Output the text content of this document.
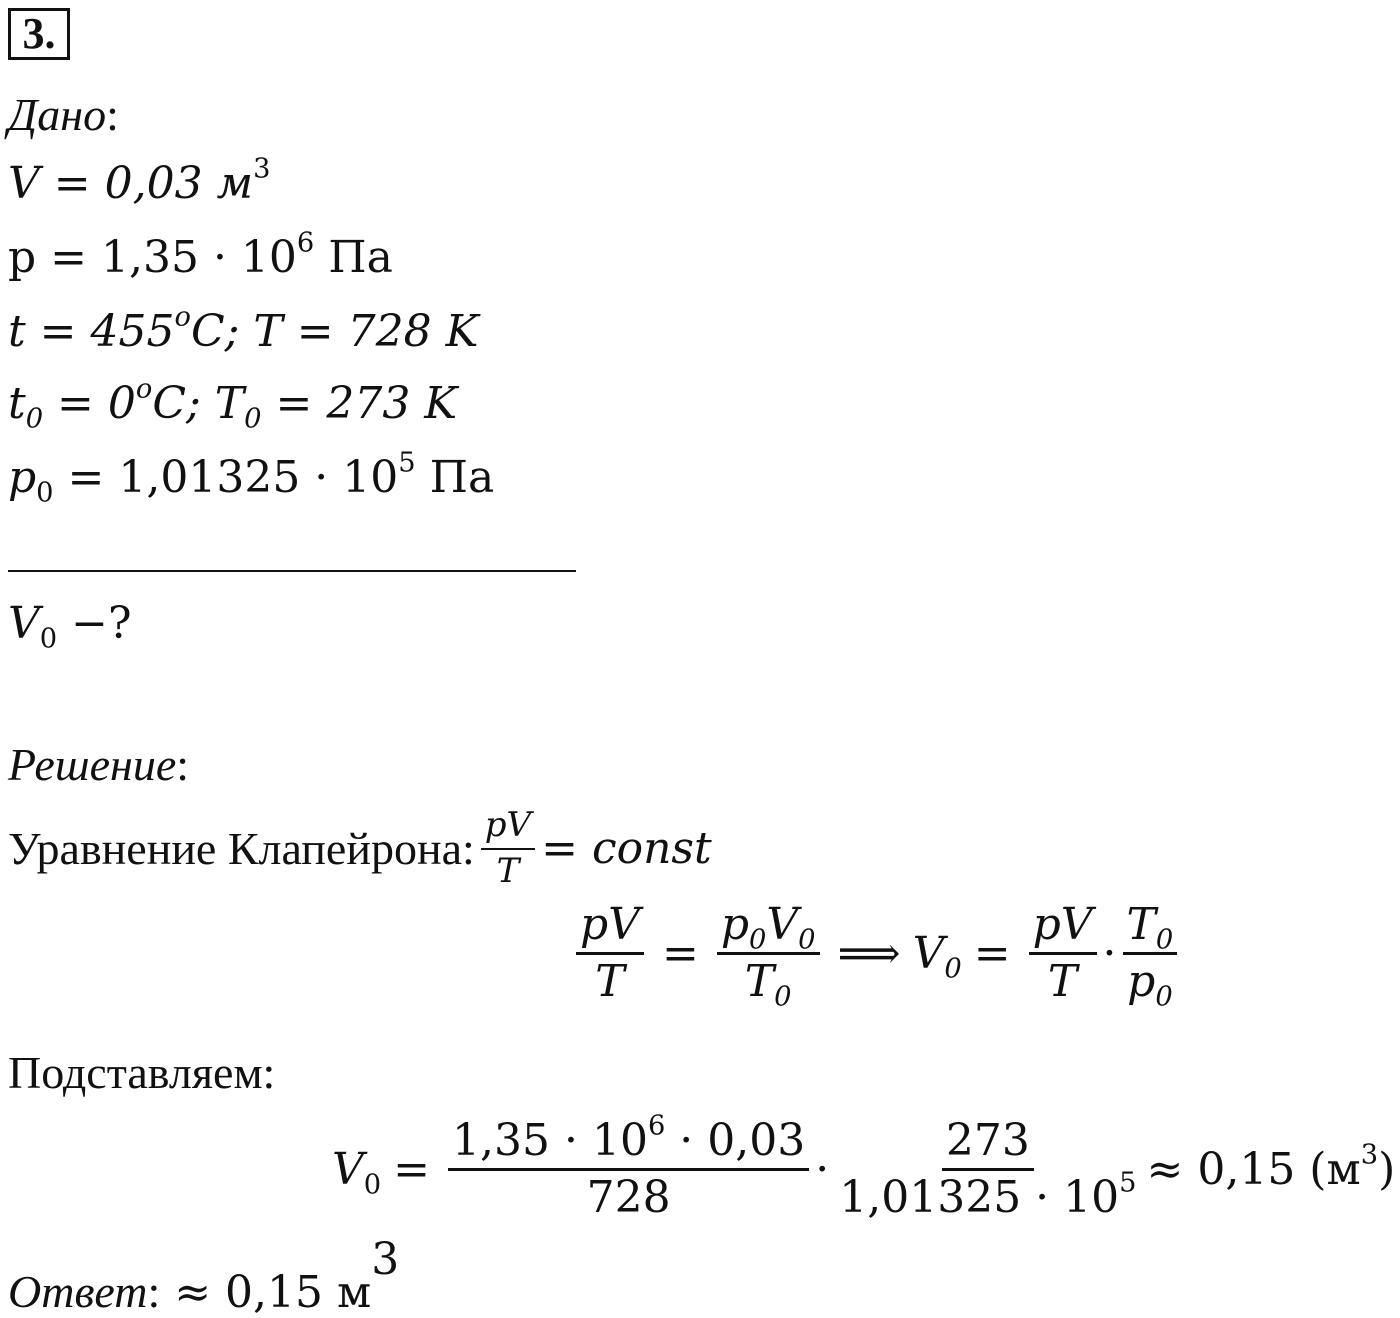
3.
Дано:
V = 0,03 $м^3$
$p = 1,35 \cdot 10^6$ Па
$t = 455^oC$; T = 728 K
$t_0 = 0^oC$; $T_0 = 273$ K
$p_0 = 1,01325 \cdot 10^5$ Па
$V_0$ −?
Решение:
Уравнение Клапейрона: $\frac{pV}{T}$ = const
$\frac{pV}{T} = \frac{p_0V_0}{T_0}$ ⟹ $V_0 = \frac{pV}{T} \cdot \frac{T_0}{p_0}$
Подставляем:
$V_0 = \frac{1,35 \cdot 10^6 \cdot 0,03}{728} \cdot \frac{273}{1,01325 \cdot 10^5} \approx 0,15$ $(м^3)$
Ответ: ≈ 0,15 $м^3$
